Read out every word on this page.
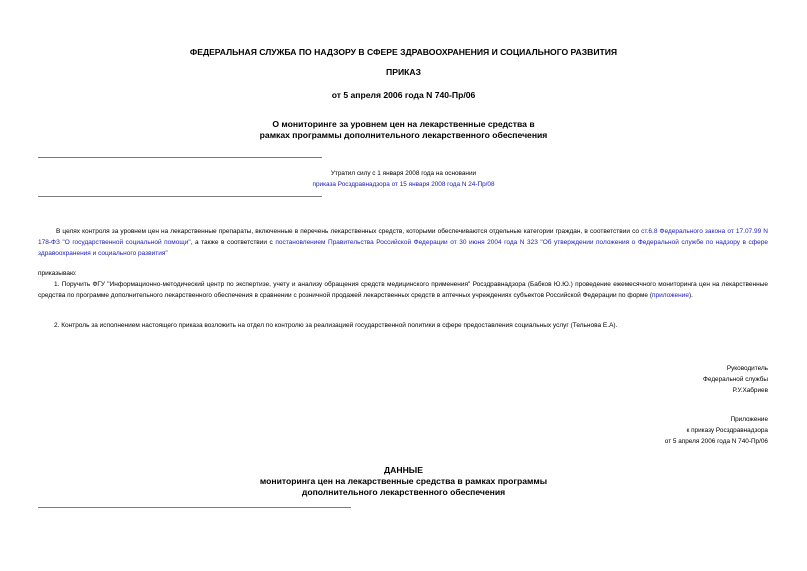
ФЕДЕРАЛЬНАЯ СЛУЖБА ПО НАДЗОРУ В СФЕРЕ ЗДРАВООХРАНЕНИЯ И СОЦИАЛЬНОГО РАЗВИТИЯ
ПРИКАЗ
от 5 апреля 2006 года N 740-Пр/06
О мониторинге за уровнем цен на лекарственные средства в
рамках программы дополнительного лекарственного обеспечения
Утратил силу с 1 января 2008 года на основании
приказа Росздравнадзора от 15 января 2008 года N 24-Пр/08

В целях контроля за уровнем цен на лекарственные препараты, включенные в перечень лекарственных средств, которыми обеспечиваются отдельные категории граждан, в соответствии со ст.6.8 Федерального закона от 17.07.99 N 178-ФЗ "О государственной социальной помощи", а также в соответствии с постановлением Правительства Российской Федерации от 30 июня 2004 года N 323 "Об утверждении положения о Федеральной службе по надзору в сфере здравоохранения и социального развития"

приказываю:

1. Поручить ФГУ "Информационно-методический центр по экспертизе, учету и анализу обращения средств медицинского применения" Росздравнадзора (Бабков Ю.Ю.) проведение ежемесячного мониторинга цен на лекарственные средства по программе дополнительного лекарственного обеспечения в сравнении с розничной продажей лекарственных средств в аптечных учреждениях субъектов Российской Федерации по форме (приложение).

2. Контроль за исполнением настоящего приказа возложить на отдел по контролю за реализацией государственной политики в сфере предоставления социальных услуг (Тельнова Е.А).

Руководитель
Федеральной службы
Р.У.Хабриев
Приложение
к приказу Росздравнадзора
от 5 апреля 2006 года N 740-Пр/06
ДАННЫЕ
мониторинга цен на лекарственные средства в рамках программы
дополнительного лекарственного обеспечения
